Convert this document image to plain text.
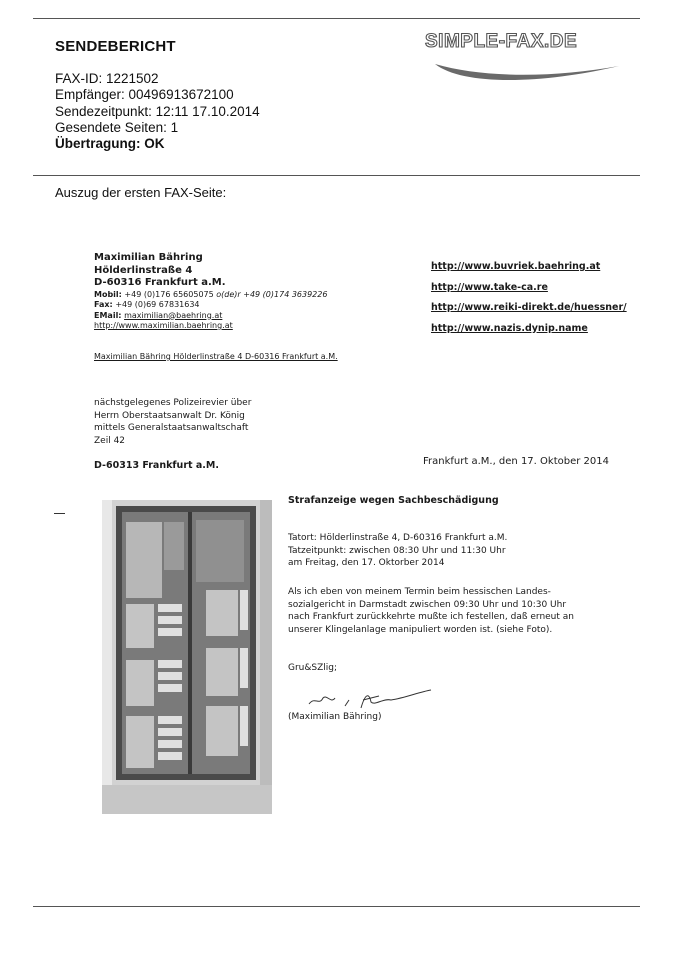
SENDEBERICHT
FAX-ID: 1221502
Empfänger: 00496913672100
Sendezeitpunkt: 12:11 17.10.2014
Gesendete Seiten: 1
Übertragung: OK
SIMPLE-FAX.DE
Auszug der ersten FAX-Seite:
Maximilian Bähring
Hölderlinstraße 4
D-60316 Frankfurt a.M.
Mobil: +49 (0)176 65605075 o(de)r +49 (0)174 3639226
Fax: +49 (0)69 67831634
EMail: maximilian@baehring.at
http://www.maximilian.baehring.at
http://www.buvriek.baehring.at
http://www.take-ca.re
http://www.reiki-direkt.de/huessner/
http://www.nazis.dynip.name
Maximilian Bähring Hölderlinstraße 4 D-60316 Frankfurt a.M.
nächstgelegenes Polizeirevier über
Herrn Oberstaatsanwalt Dr. König
mittels Generalstaatsanwaltschaft
Zeil 42
D-60313 Frankfurt a.M.	Frankfurt a.M., den 17. Oktober 2014
Strafanzeige wegen Sachbeschädigung
Tatort: Hölderlinstraße 4, D-60316 Frankfurt a.M.
Tatzeitpunkt: zwischen 08:30 Uhr und 11:30 Uhr
am Freitag, den 17. Oktorber 2014
Als ich eben von meinem Termin beim hessischen Landes-
sozialgericht in Darmstadt zwischen 09:30 Uhr und 10:30 Uhr
nach Frankfurt zurückkehrte mußte ich festellen, daß erneut an
unserer Klingelanlage manipuliert worden ist. (siehe Foto).
Gru&SZlig;
(Maximilian Bähring)
